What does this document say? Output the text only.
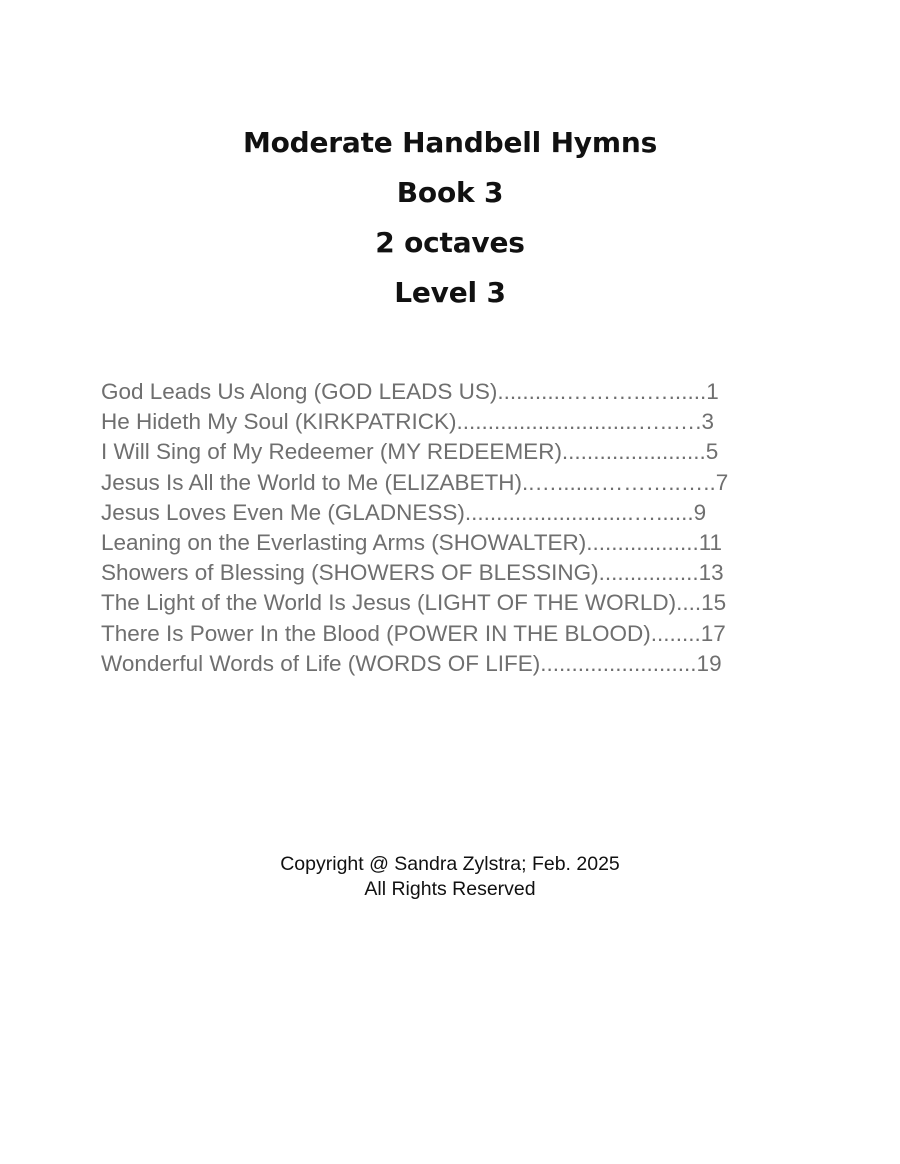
Moderate Handbell Hymns
Book 3
2 octaves
Level 3
God Leads Us Along (GOD LEADS US)...........………..…......1
He Hideth My Soul (KIRKPATRICK).............................…..….3
I Will Sing of My Redeemer (MY REDEEMER).......................5
Jesus Is All the World to Me (ELIZABETH)..….......………..…..7
Jesus Loves Even Me (GLADNESS)...........................…......9
Leaning on the Everlasting Arms (SHOWALTER)..................11
Showers of Blessing (SHOWERS OF BLESSING)................13
The Light of the World Is Jesus (LIGHT OF THE WORLD)....15
There Is Power In the Blood (POWER IN THE BLOOD)........17
Wonderful Words of Life (WORDS OF LIFE).........................19
Copyright @ Sandra Zylstra; Feb. 2025
All Rights Reserved
